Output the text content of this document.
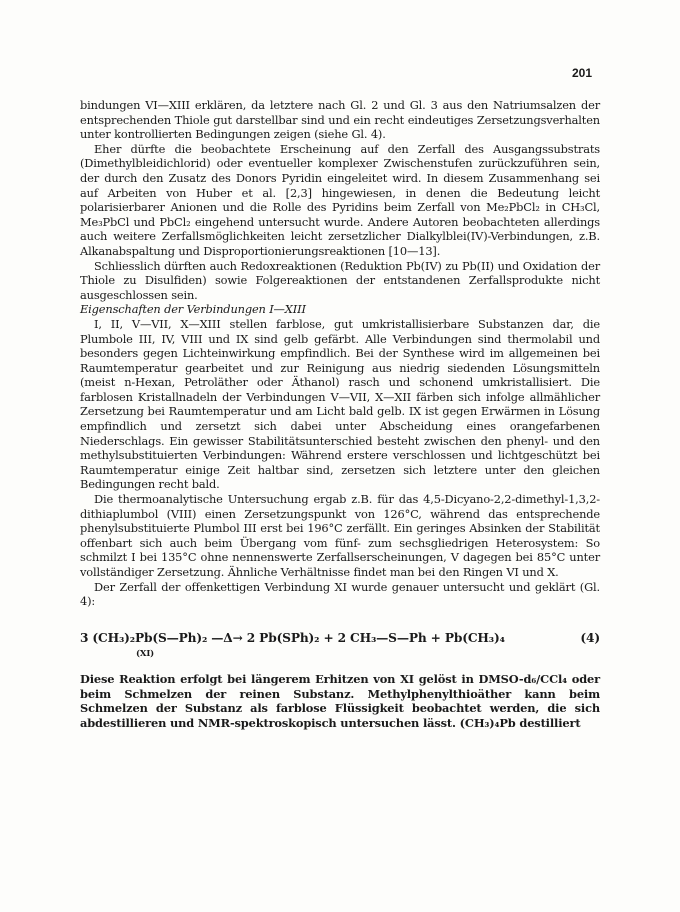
201

bindungen VI—XIII erklären, da letztere nach Gl. 2 und Gl. 3 aus den Natriumsalzen der entsprechenden Thiole gut darstellbar sind und ein recht eindeutiges Zersetzungsverhalten unter kontrollierten Bedingungen zeigen (siehe Gl. 4).

Eher dürfte die beobachtete Erscheinung auf den Zerfall des Ausgangssubstrats (Dimethylbleidichlorid) oder eventueller komplexer Zwischenstufen zurückzuführen sein, der durch den Zusatz des Donors Pyridin eingeleitet wird. In diesem Zusammenhang sei auf Arbeiten von Huber et al. [2,3] hingewiesen, in denen die Bedeutung leicht polarisierbarer Anionen und die Rolle des Pyridins beim Zerfall von Me₂PbCl₂ in CH₃Cl, Me₃PbCl und PbCl₂ eingehend untersucht wurde. Andere Autoren beobachteten allerdings auch weitere Zerfallsmöglichkeiten leicht zersetzlicher Dialkylblei(IV)-Verbindungen, z.B. Alkanabspaltung und Disproportionierungsreaktionen [10—13].

Schliesslich dürften auch Redoxreaktionen (Reduktion Pb(IV) zu Pb(II) und Oxidation der Thiole zu Disulfiden) sowie Folgereaktionen der entstandenen Zerfallsprodukte nicht ausgeschlossen sein.

Eigenschaften der Verbindungen I—XIII

I, II, V—VII, X—XIII stellen farblose, gut umkristallisierbare Substanzen dar, die Plumbole III, IV, VIII und IX sind gelb gefärbt. Alle Verbindungen sind thermolabil und besonders gegen Lichteinwirkung empfindlich. Bei der Synthese wird im allgemeinen bei Raumtemperatur gearbeitet und zur Reinigung aus niedrig siedenden Lösungsmitteln (meist n-Hexan, Petroläther oder Äthanol) rasch und schonend umkristallisiert. Die farblosen Kristallnadeln der Verbindungen V—VII, X—XII färben sich infolge allmählicher Zersetzung bei Raumtemperatur und am Licht bald gelb. IX ist gegen Erwärmen in Lösung empfindlich und zersetzt sich dabei unter Abscheidung eines orangefarbenen Niederschlags. Ein gewisser Stabilitätsunterschied besteht zwischen den phenyl- und den methylsubstituierten Verbindungen: Während erstere verschlossen und lichtgeschützt bei Raumtemperatur einige Zeit haltbar sind, zersetzen sich letztere unter den gleichen Bedingungen recht bald.

Die thermoanalytische Untersuchung ergab z.B. für das 4,5-Dicyano-2,2-dimethyl-1,3,2-dithiaplumbol (VIII) einen Zersetzungspunkt von 126°C, während das entsprechende phenylsubstituierte Plumbol III erst bei 196°C zerfällt. Ein geringes Absinken der Stabilität offenbart sich auch beim Übergang vom fünf- zum sechsgliedrigen Heterosystem: So schmilzt I bei 135°C ohne nennenswerte Zerfallserscheinungen, V dagegen bei 85°C unter vollständiger Zersetzung. Ähnliche Verhältnisse findet man bei den Ringen VI und X.

Der Zerfall der offenkettigen Verbindung XI wurde genauer untersucht und geklärt (Gl. 4):

3 (CH₃)₂Pb(S—Ph)₂ —Δ→ 2 Pb(SPh)₂ + 2 CH₃—S—Ph + Pb(CH₃)₄	(4)
(XI)

Diese Reaktion erfolgt bei längerem Erhitzen von XI gelöst in DMSO-d₆/CCl₄ oder beim Schmelzen der reinen Substanz. Methylphenylthioäther kann beim Schmelzen der Substanz als farblose Flüssigkeit beobachtet werden, die sich abdestillieren und NMR-spektroskopisch untersuchen lässt. (CH₃)₄Pb destilliert
